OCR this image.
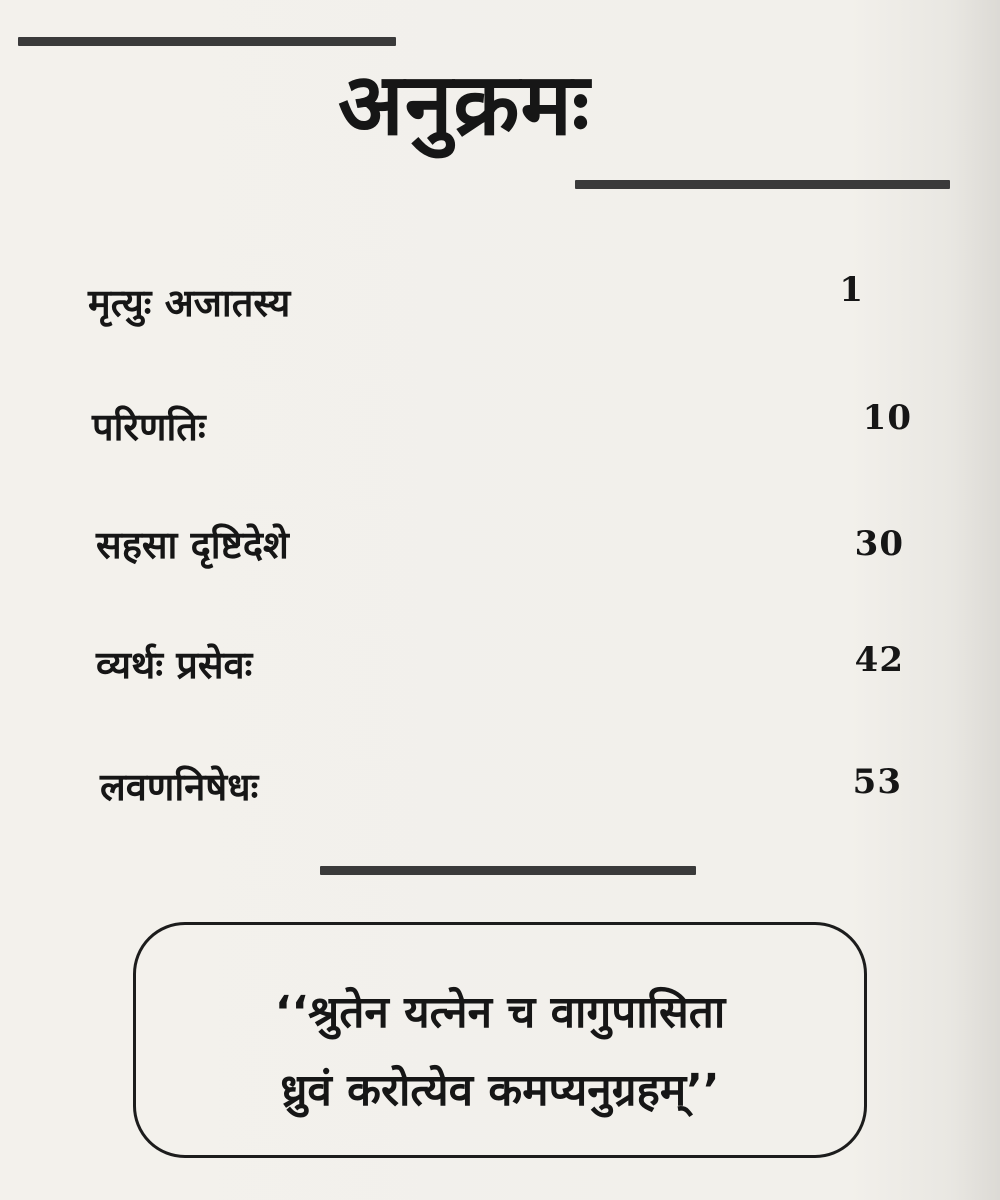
अनुक्रमः
मृत्युः अजातस्य	1
परिणतिः	10
सहसा दृष्टिदेशे	30
व्यर्थः प्रसेवः	42
लवणनिषेधः	53
‘‘श्रुतेन यत्नेन च वागुपासिता
ध्रुवं करोत्येव कमप्यनुग्रहम्’’
